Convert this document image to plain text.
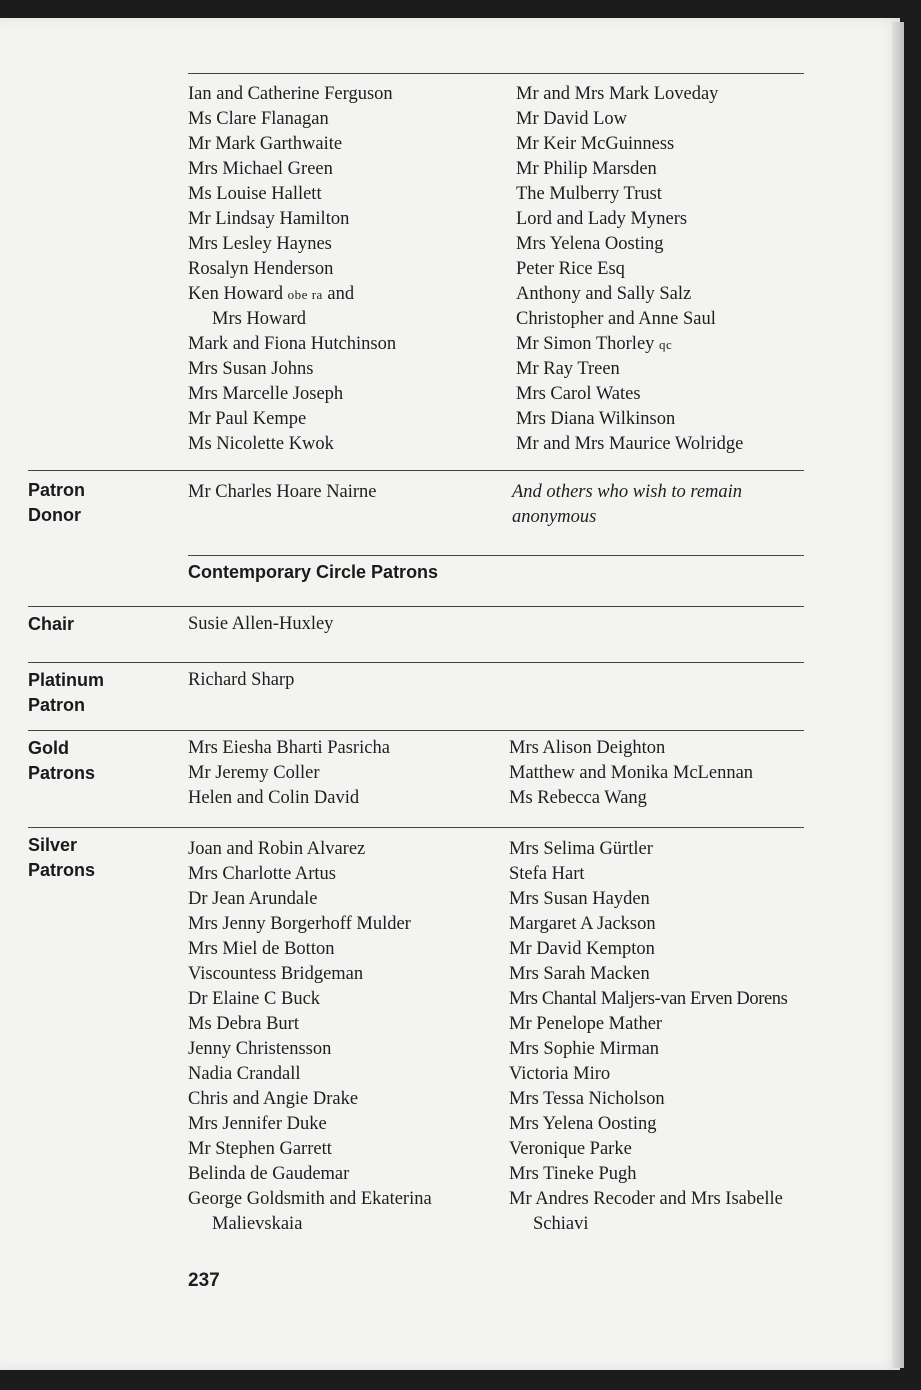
Ian and Catherine Ferguson
Ms Clare Flanagan
Mr Mark Garthwaite
Mrs Michael Green
Ms Louise Hallett
Mr Lindsay Hamilton
Mrs Lesley Haynes
Rosalyn Henderson
Ken Howard obe ra and
Mrs Howard
Mark and Fiona Hutchinson
Mrs Susan Johns
Mrs Marcelle Joseph
Mr Paul Kempe
Ms Nicolette Kwok
Mr and Mrs Mark Loveday
Mr David Low
Mr Keir McGuinness
Mr Philip Marsden
The Mulberry Trust
Lord and Lady Myners
Mrs Yelena Oosting
Peter Rice Esq
Anthony and Sally Salz
Christopher and Anne Saul
Mr Simon Thorley qc
Mr Ray Treen
Mrs Carol Wates
Mrs Diana Wilkinson
Mr and Mrs Maurice Wolridge
Patron
Donor
Mr Charles Hoare Nairne	And others who wish to remain
anonymous
Contemporary Circle Patrons
Chair	Susie Allen-Huxley
Platinum
Patron
Richard Sharp
Gold
Patrons
Mrs Eiesha Bharti Pasricha
Mr Jeremy Coller
Helen and Colin David
Mrs Alison Deighton
Matthew and Monika McLennan
Ms Rebecca Wang
Silver
Patrons
Joan and Robin Alvarez
Mrs Charlotte Artus
Dr Jean Arundale
Mrs Jenny Borgerhoff Mulder
Mrs Miel de Botton
Viscountess Bridgeman
Dr Elaine C Buck
Ms Debra Burt
Jenny Christensson
Nadia Crandall
Chris and Angie Drake
Mrs Jennifer Duke
Mr Stephen Garrett
Belinda de Gaudemar
George Goldsmith and Ekaterina
Malievskaia
Mrs Selima Gürtler
Stefa Hart
Mrs Susan Hayden
Margaret A Jackson
Mr David Kempton
Mrs Sarah Macken
Mrs Chantal Maljers-van Erven Dorens
Mr Penelope Mather
Mrs Sophie Mirman
Victoria Miro
Mrs Tessa Nicholson
Mrs Yelena Oosting
Veronique Parke
Mrs Tineke Pugh
Mr Andres Recoder and Mrs Isabelle
Schiavi
237
